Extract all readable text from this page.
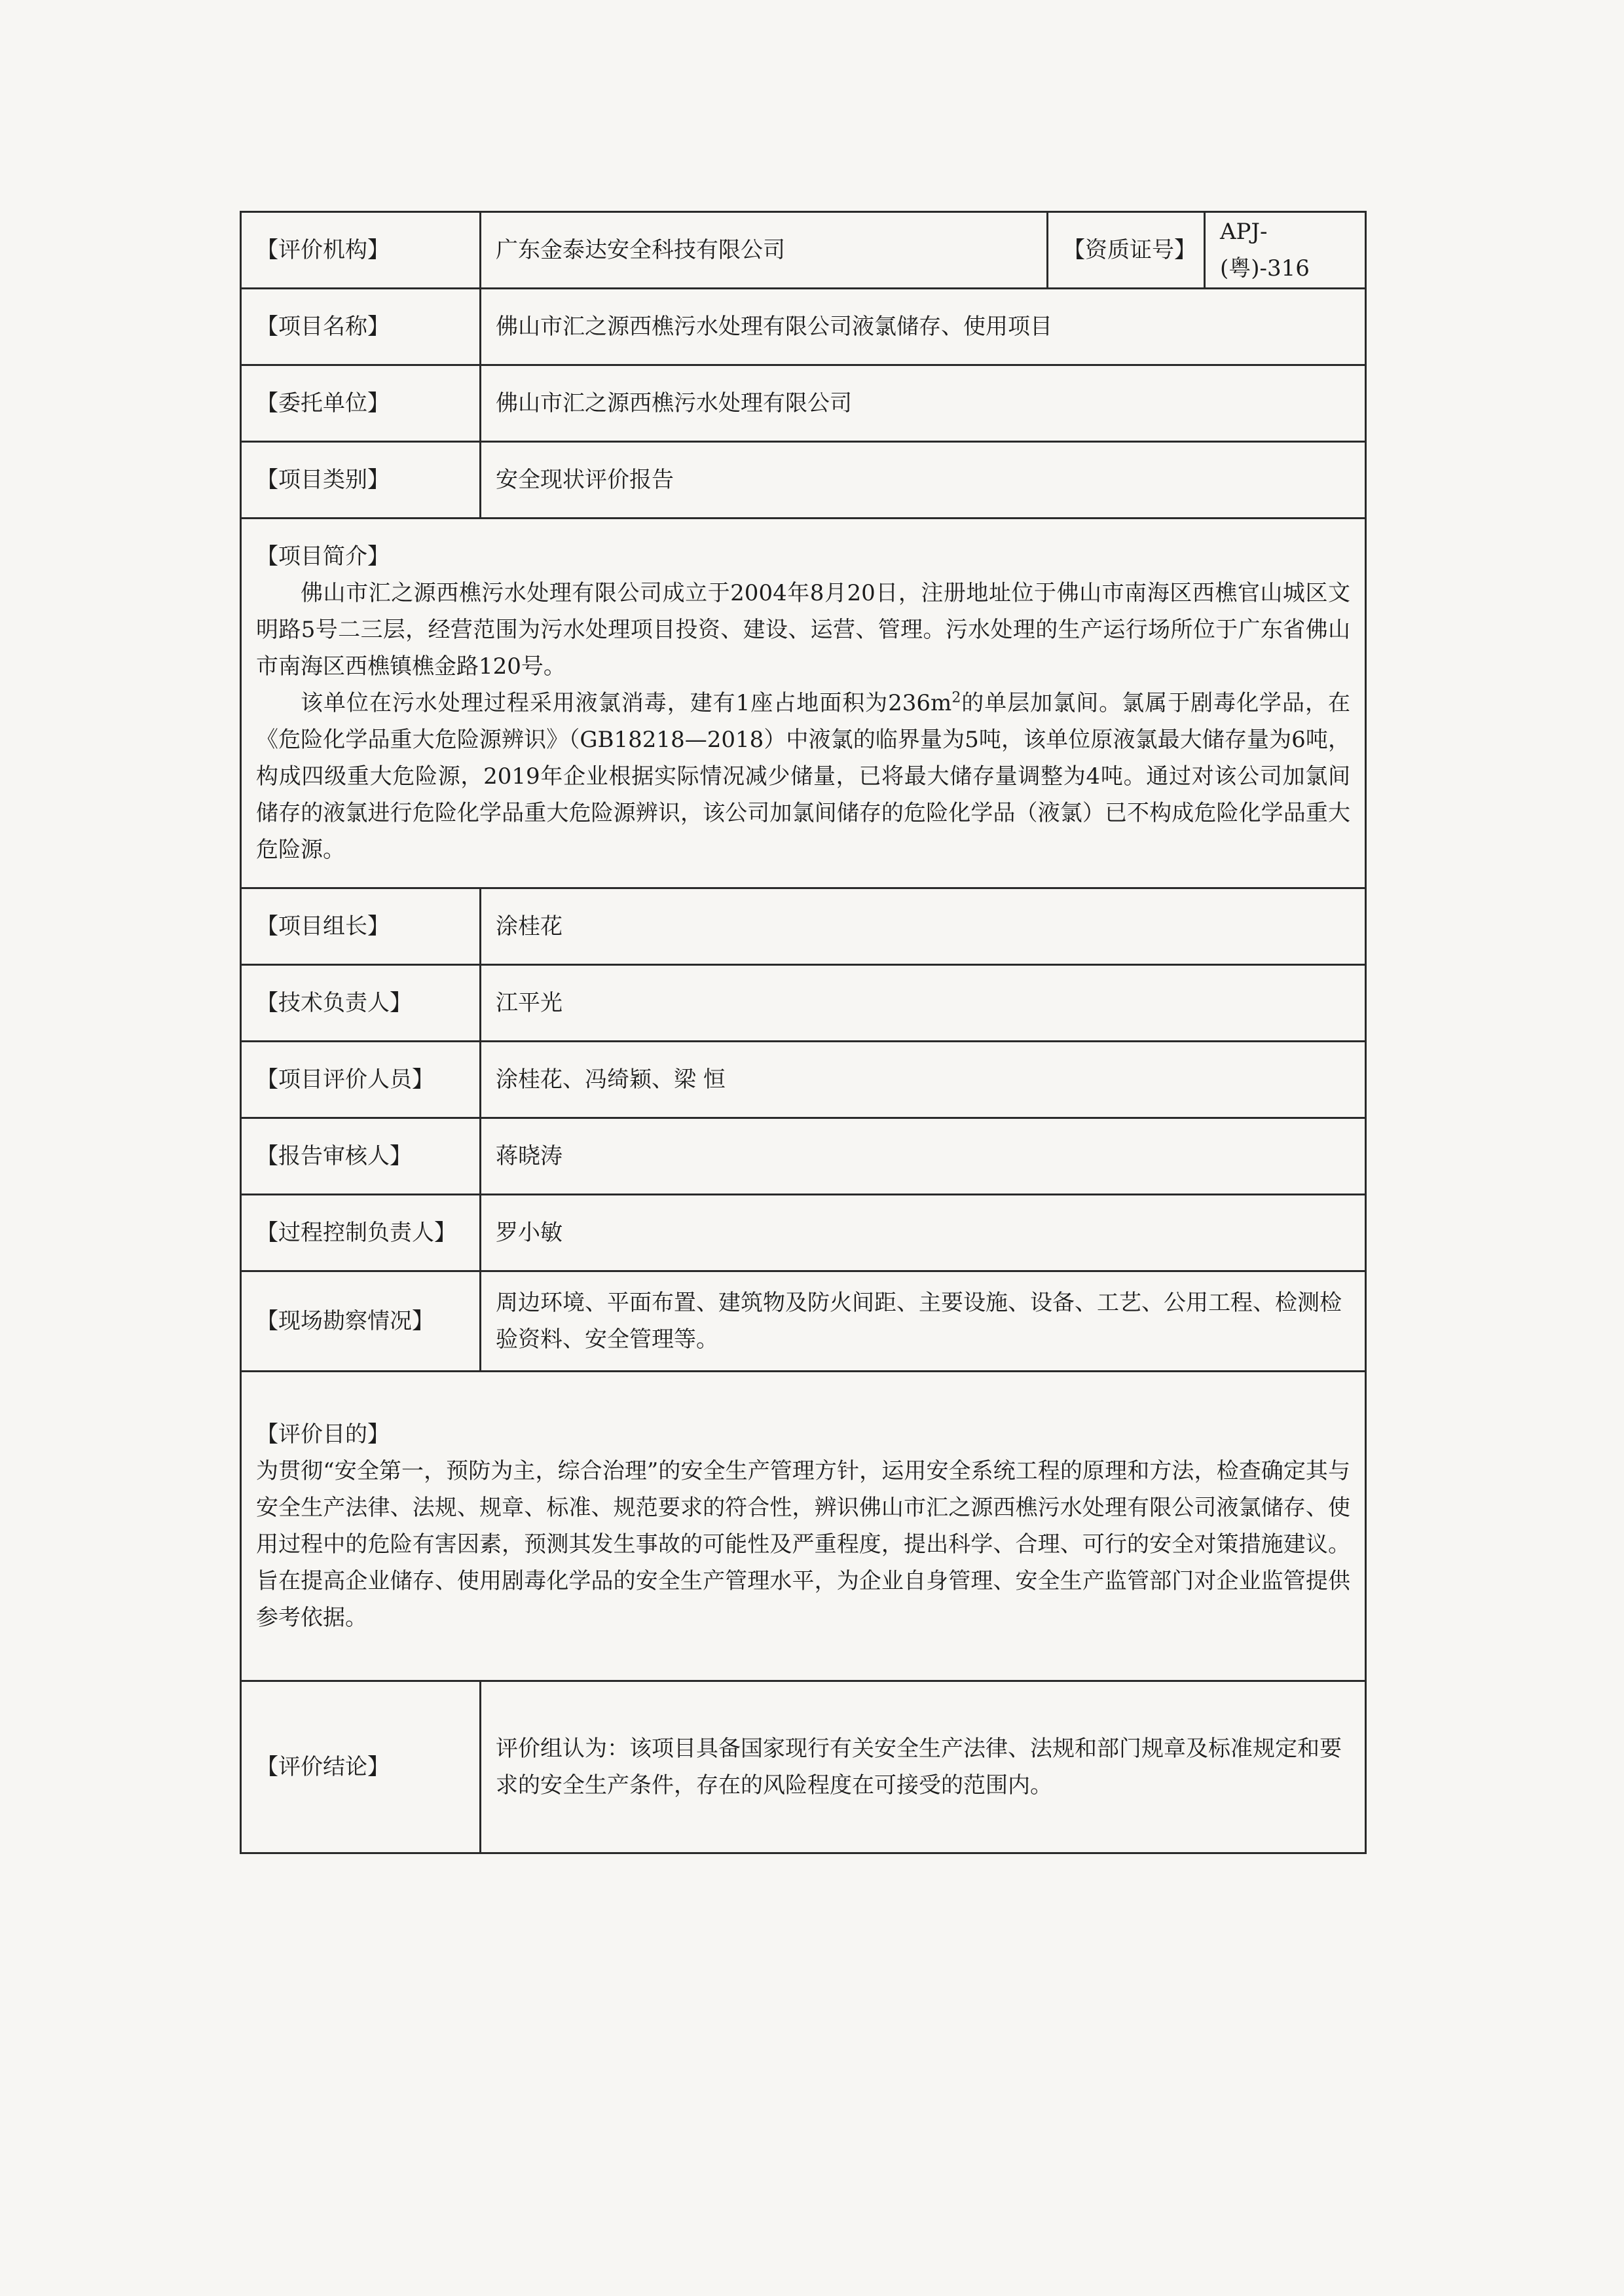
【评价机构】	广东金泰达安全科技有限公司	【资质证号】	APJ-(粤)-316
【项目名称】	佛山市汇之源西樵污水处理有限公司液氯储存、使用项目		
【委托单位】	佛山市汇之源西樵污水处理有限公司		
【项目类别】	安全现状评价报告		

【项目简介】

佛山市汇之源西樵污水处理有限公司成立于2004年8月20日，注册地址位于佛山市南海区西樵官山城区文明路5号二三层，经营范围为污水处理项目投资、建设、运营、管理。污水处理的生产运行场所位于广东省佛山市南海区西樵镇樵金路120号。

该单位在污水处理过程采用液氯消毒，建有1座占地面积为$236m^2$的单层加氯间。氯属于剧毒化学品，在《危险化学品重大危险源辨识》（GB18218—2018）中液氯的临界量为5吨，该单位原液氯最大储存量为6吨，构成四级重大危险源，2019年企业根据实际情况减少储量，已将最大储存量调整为4吨。通过对该公司加氯间储存的液氯进行危险化学品重大危险源辨识，该公司加氯间储存的危险化学品（液氯）已不构成危险化学品重大危险源。			

【项目组长】	涂桂花		
【技术负责人】	江平光		
【项目评价人员】	涂桂花、冯绮颖、梁 恒		
【报告审核人】	蒋晓涛		
【过程控制负责人】	罗小敏		
【现场勘察情况】	周边环境、平面布置、建筑物及防火间距、主要设施、设备、工艺、公用工程、检测检验资料、安全管理等。		

【评价目的】

为贯彻“安全第一，预防为主，综合治理”的安全生产管理方针，运用安全系统工程的原理和方法，检查确定其与安全生产法律、法规、规章、标准、规范要求的符合性，辨识佛山市汇之源西樵污水处理有限公司液氯储存、使用过程中的危险有害因素，预测其发生事故的可能性及严重程度，提出科学、合理、可行的安全对策措施建议。旨在提高企业储存、使用剧毒化学品的安全生产管理水平，为企业自身管理、安全生产监管部门对企业监管提供参考依据。			

【评价结论】	评价组认为：该项目具备国家现行有关安全生产法律、法规和部门规章及标准规定和要求的安全生产条件，存在的风险程度在可接受的范围内。		
